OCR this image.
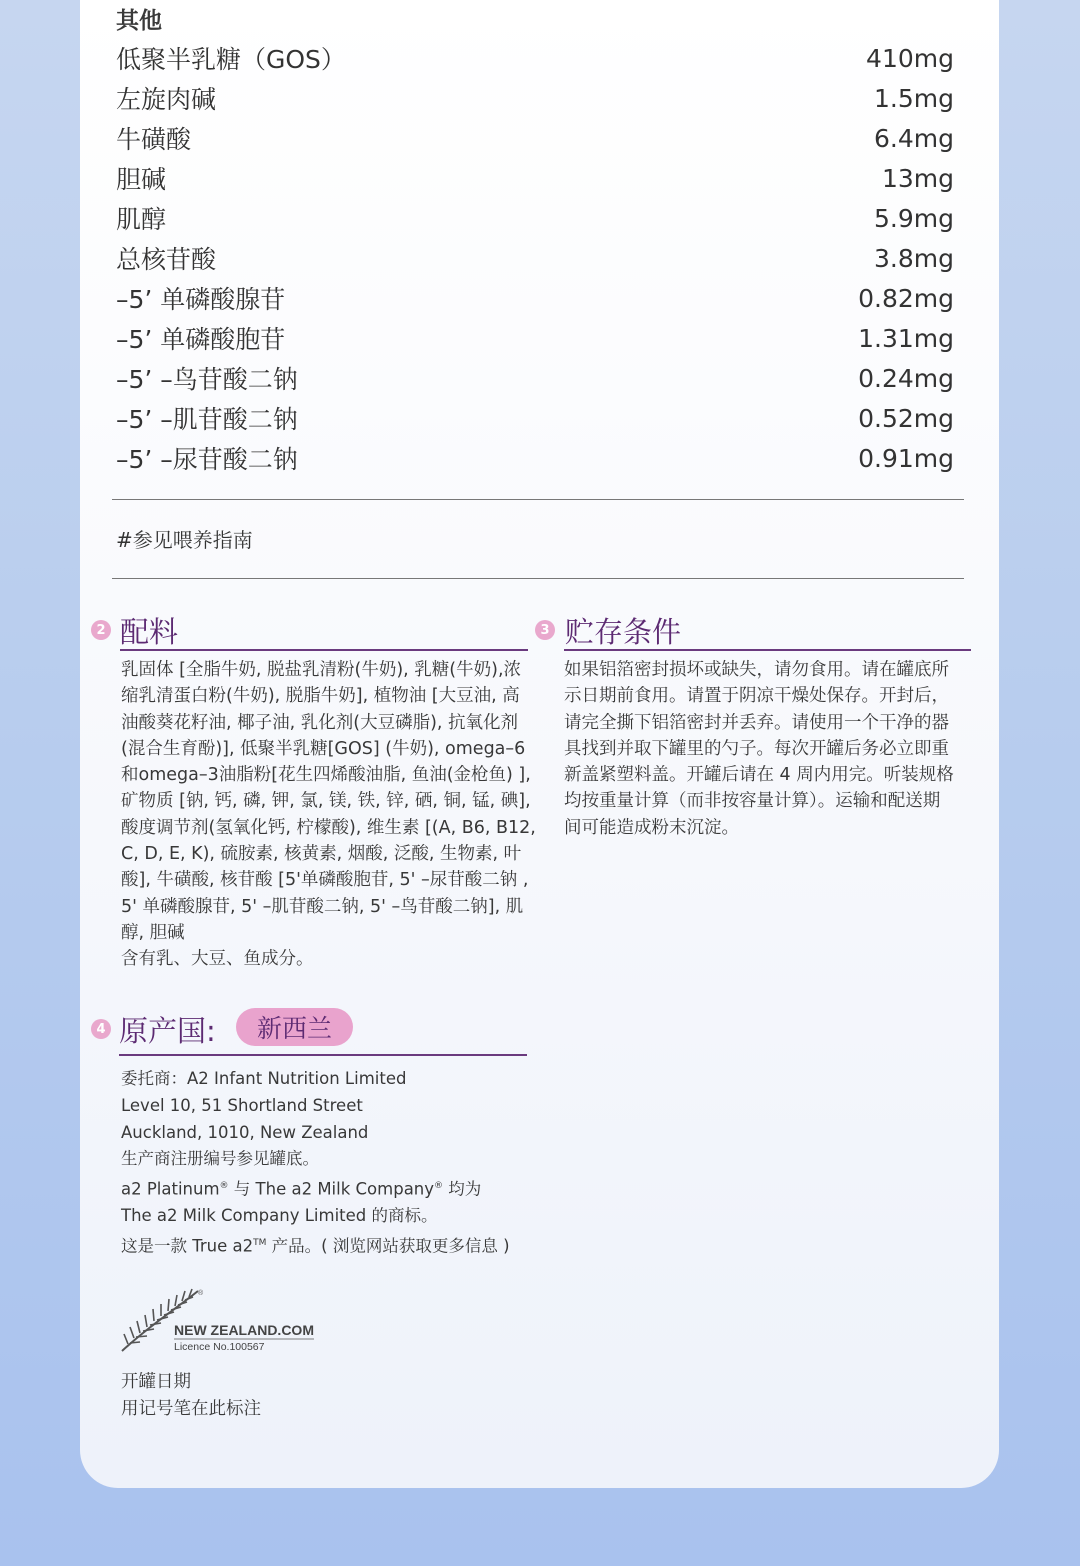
其他
低聚半乳糖（GOS）	410mg
左旋肉碱	1.5mg
牛磺酸	6.4mg
胆碱	13mg
肌醇	5.9mg
总核苷酸	3.8mg
–5’ 单磷酸腺苷	0.82mg
–5’ 单磷酸胞苷	1.31mg
–5’ –鸟苷酸二钠	0.24mg
–5’ –肌苷酸二钠	0.52mg
–5’ –尿苷酸二钠	0.91mg
#参见喂养指南
2 配料

乳固体 [全脂牛奶, 脱盐乳清粉(牛奶), 乳糖(牛奶),浓

缩乳清蛋白粉(牛奶), 脱脂牛奶], 植物油 [大豆油, 高

油酸葵花籽油, 椰子油, 乳化剂(大豆磷脂), 抗氧化剂

(混合生育酚)], 低聚半乳糖[GOS] (牛奶), omega–6

和omega–3油脂粉[花生四烯酸油脂, 鱼油(金枪鱼) ],

矿物质 [钠, 钙, 磷, 钾, 氯, 镁, 铁, 锌, 硒, 铜, 锰, 碘],

酸度调节剂(氢氧化钙, 柠檬酸), 维生素 [(A, B6, B12,

C, D, E, K), 硫胺素, 核黄素, 烟酸, 泛酸, 生物素, 叶

酸], 牛磺酸, 核苷酸 [5'单磷酸胞苷, 5' –尿苷酸二钠 ,

5' 单磷酸腺苷, 5' –肌苷酸二钠, 5' –鸟苷酸二钠], 肌

醇, 胆碱

含有乳、大豆、鱼成分。

3 贮存条件

如果铝箔密封损坏或缺失，请勿食用。请在罐底所

示日期前食用。请置于阴凉干燥处保存。开封后，

请完全撕下铝箔密封并丢弃。请使用一个干净的器

具找到并取下罐里的勺子。每次开罐后务必立即重

新盖紧塑料盖。开罐后请在 4 周内用完。听装规格

均按重量计算（而非按容量计算）。运输和配送期

间可能造成粉末沉淀。

4 原产国:	新西兰
委托商：A2 Infant Nutrition Limited
Level 10, 51 Shortland Street
Auckland, 1010, New Zealand
生产商注册编号参见罐底。
a2 Platinum® 与 The a2 Milk Company® 均为
The a2 Milk Company Limited 的商标。
这是一款 True a2™ 产品。( 浏览网站获取更多信息 )
NEW ZEALAND.COM
Licence No.100567
®
开罐日期
用记号笔在此标注
